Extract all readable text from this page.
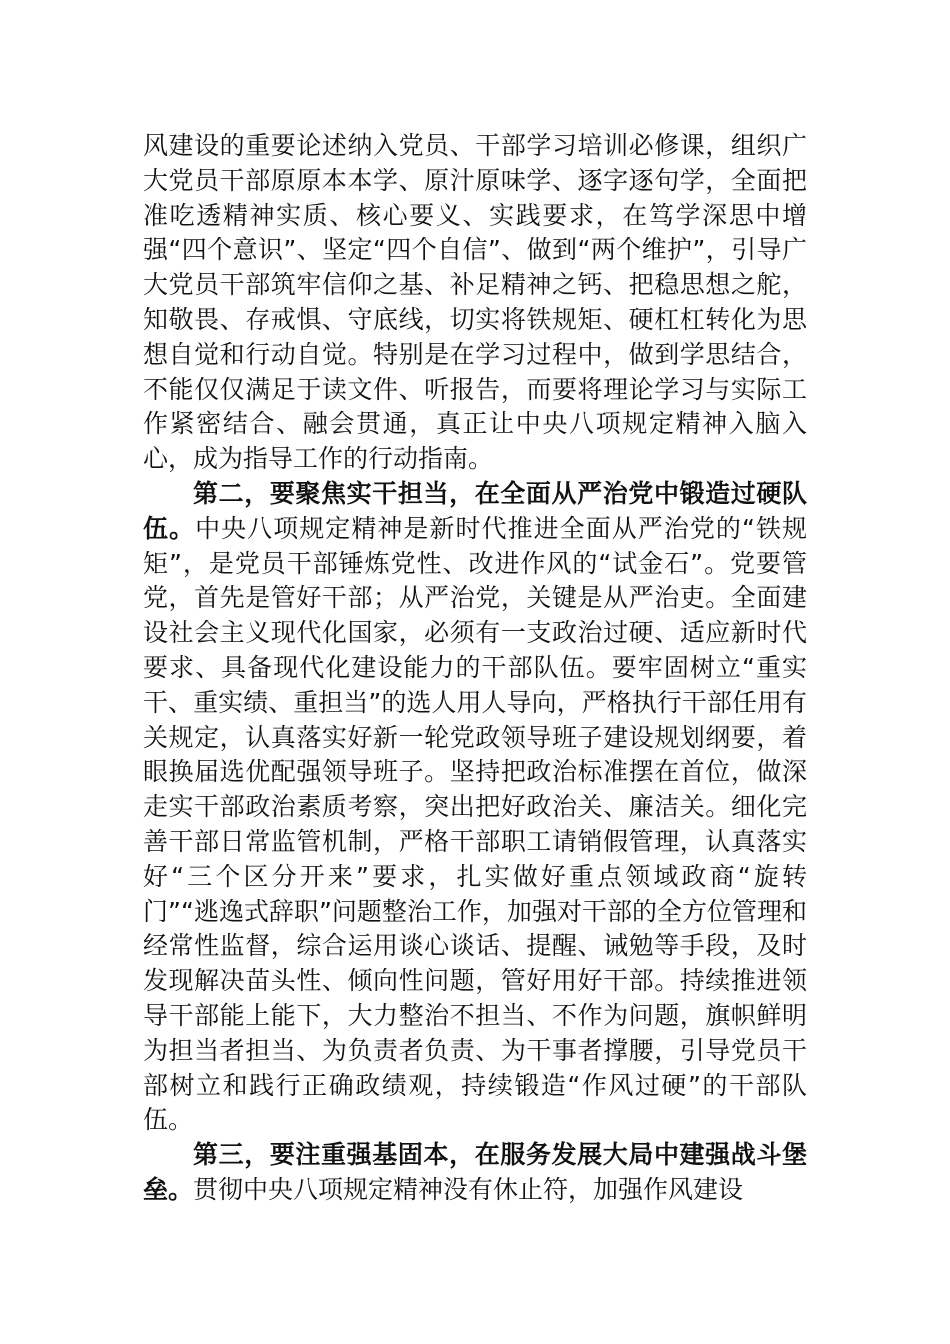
风建设的重要论述纳入党员、干部学习培训必修课，组织广大党员干部原原本本学、原汁原味学、逐字逐句学，全面把准吃透精神实质、核心要义、实践要求，在笃学深思中增强“四个意识”、坚定“四个自信”、做到“两个维护”，引导广大党员干部筑牢信仰之基、补足精神之钙、把稳思想之舵，知敬畏、存戒惧、守底线，切实将铁规矩、硬杠杠转化为思想自觉和行动自觉。特别是在学习过程中，做到学思结合，不能仅仅满足于读文件、听报告，而要将理论学习与实际工作紧密结合、融会贯通，真正让中央八项规定精神入脑入心，成为指导工作的行动指南。

第二，要聚焦实干担当，在全面从严治党中锻造过硬队伍。中央八项规定精神是新时代推进全面从严治党的“铁规矩”，是党员干部锤炼党性、改进作风的“试金石”。党要管党，首先是管好干部；从严治党，关键是从严治吏。全面建设社会主义现代化国家，必须有一支政治过硬、适应新时代要求、具备现代化建设能力的干部队伍。要牢固树立“重实干、重实绩、重担当”的选人用人导向，严格执行干部任用有关规定，认真落实好新一轮党政领导班子建设规划纲要，着眼换届选优配强领导班子。坚持把政治标准摆在首位，做深走实干部政治素质考察，突出把好政治关、廉洁关。细化完善干部日常监管机制，严格干部职工请销假管理，认真落实好“三个区分开来”要求，扎实做好重点领域政商“旋转门”“逃逸式辞职”问题整治工作，加强对干部的全方位管理和经常性监督，综合运用谈心谈话、提醒、诫勉等手段，及时发现解决苗头性、倾向性问题，管好用好干部。持续推进领导干部能上能下，大力整治不担当、不作为问题，旗帜鲜明为担当者担当、为负责者负责、为干事者撑腰，引导党员干部树立和践行正确政绩观，持续锻造“作风过硬”的干部队伍。

第三，要注重强基固本，在服务发展大局中建强战斗堡垒。贯彻中央八项规定精神没有休止符，加强作风建设
